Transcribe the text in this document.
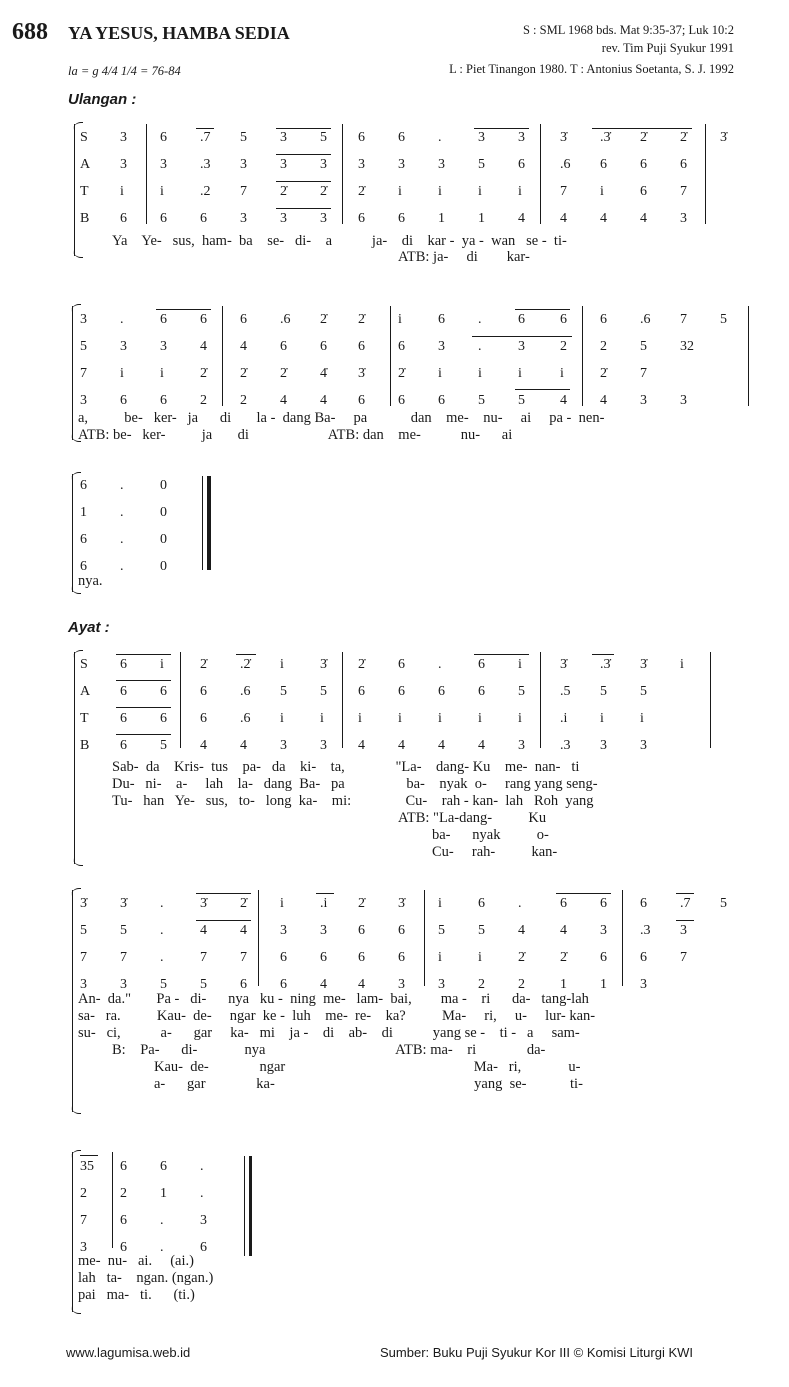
688 YA YESUS, HAMBA SEDIA	S : SML 1968 bds. Mat 9:35-37; Luk 10:2
rev. Tim Puji Syukur 1991
la = g 4/4 1/4 = 76-84	L : Piet Tinangon 1980. T : Antonius Soetanta, S. J. 1992
Ulangan :
S 3 6 .7 5 3 5 6 6 .	3 3	3̇ .3̇ 2̇ 2̇ 3̇
A 3 3 .3 3 3 3 3 3 3 5 6	.6 6 6 6
T i	i	.2 7 2̇ 2̇ 2̇ i	i	i	i	7 i	6 7
B 6 6 6 3 3 3 6 6 1 1 4	4 4 4 3
Ya    Ye-   sus,  ham-  ba    se-   di-    a           ja-    di    kar -  ya -  wan   se -  ti-
ATB: ja-     di        kar-
3 .	6 6 6 .6 2̇ 2̇ i	6 .	6	6 6 .6 7 5
5 3 3 4 4 6 6 6 6 3 .	3	2 2 5 32
7 i	i	2̇ 2̇ 2̇ 4̇ 3̇ 2̇ i	i	i	i	2̇ 7
3 6 6 2 2 4 4 6 6 6 5 5	4 4 3 3
a,          be-   ker-   ja      di       la -  dang Ba-     pa            dan    me-    nu-     ai     pa -  nen-
ATB: be-   ker-          ja       di                      ATB: dan    me-           nu-      ai
6 .	0
1 .	0
6 .	0
6 .	0
nya.
Ayat :
S 6 i	2̇ .2̇ i	3̇ 2̇ 6 .	6 i	3̇ .3̇ 3̇ i
A 6 6 6 .6 5 5 6 6 6 6 5	.5 5 5
T 6 6 6 .6 i	i i	i	i	i	i	.i i	i
B 6 5 4 4 3 3 4 4 4 4 3	.3 3 3
Sab-  da    Kris-  tus    pa-   da    ki-    ta,              "La-    dang- Ku    me-  nan-   ti
Du-   ni-    a-     lah    la-   dang  Ba-   pa                 ba-    nyak  o-     rang yang seng-
Tu-   han   Ye-   sus,   to-   long  ka-    mi:               Cu-    rah - kan-  lah   Roh  yang
ATB: "La-dang-          Ku
ba-      nyak          o-
Cu-     rah-          kan-
3̇ 3̇ .	3̇ 2̇ i	.i 2̇ 3̇ i	6 .	6 6 6 .7 5
5 5 .	4 4 3 3 6 6 5 5 4	4 3 .3 3
7 7 .	7 7 6 6 6 6 i	i	2̇	2̇ 6 6 7
3 3 5 5 6 6 4 4 3 3 2 2	1 1 3
An-  da."       Pa -   di-      nya   ku -  ning  me-   lam-  bai,        ma -    ri      da-   tang-lah
sa-   ra.          Kau-  de-     ngar  ke -  luh    me-  re-    ka?          Ma-     ri,     u-     lur- kan-
su-   ci,           a-      gar     ka-   mi    ja -    di    ab-    di           yang se -    ti -   a     sam-
B:    Pa-      di-             nya                                    ATB: ma-    ri              da-
Kau-  de-              ngar                                                    Ma-   ri,             u-
a-      gar              ka-                                                       yang  se-            ti-
35 6 6 .
2 2 1 .
7 6 .	3
3 6 .	6
me-  nu-   ai.     (ai.)
lah   ta-    ngan. (ngan.)
pai   ma-   ti.      (ti.)
www.lagumisa.web.id	Sumber: Buku Puji Syukur Kor III © Komisi Liturgi KWI
